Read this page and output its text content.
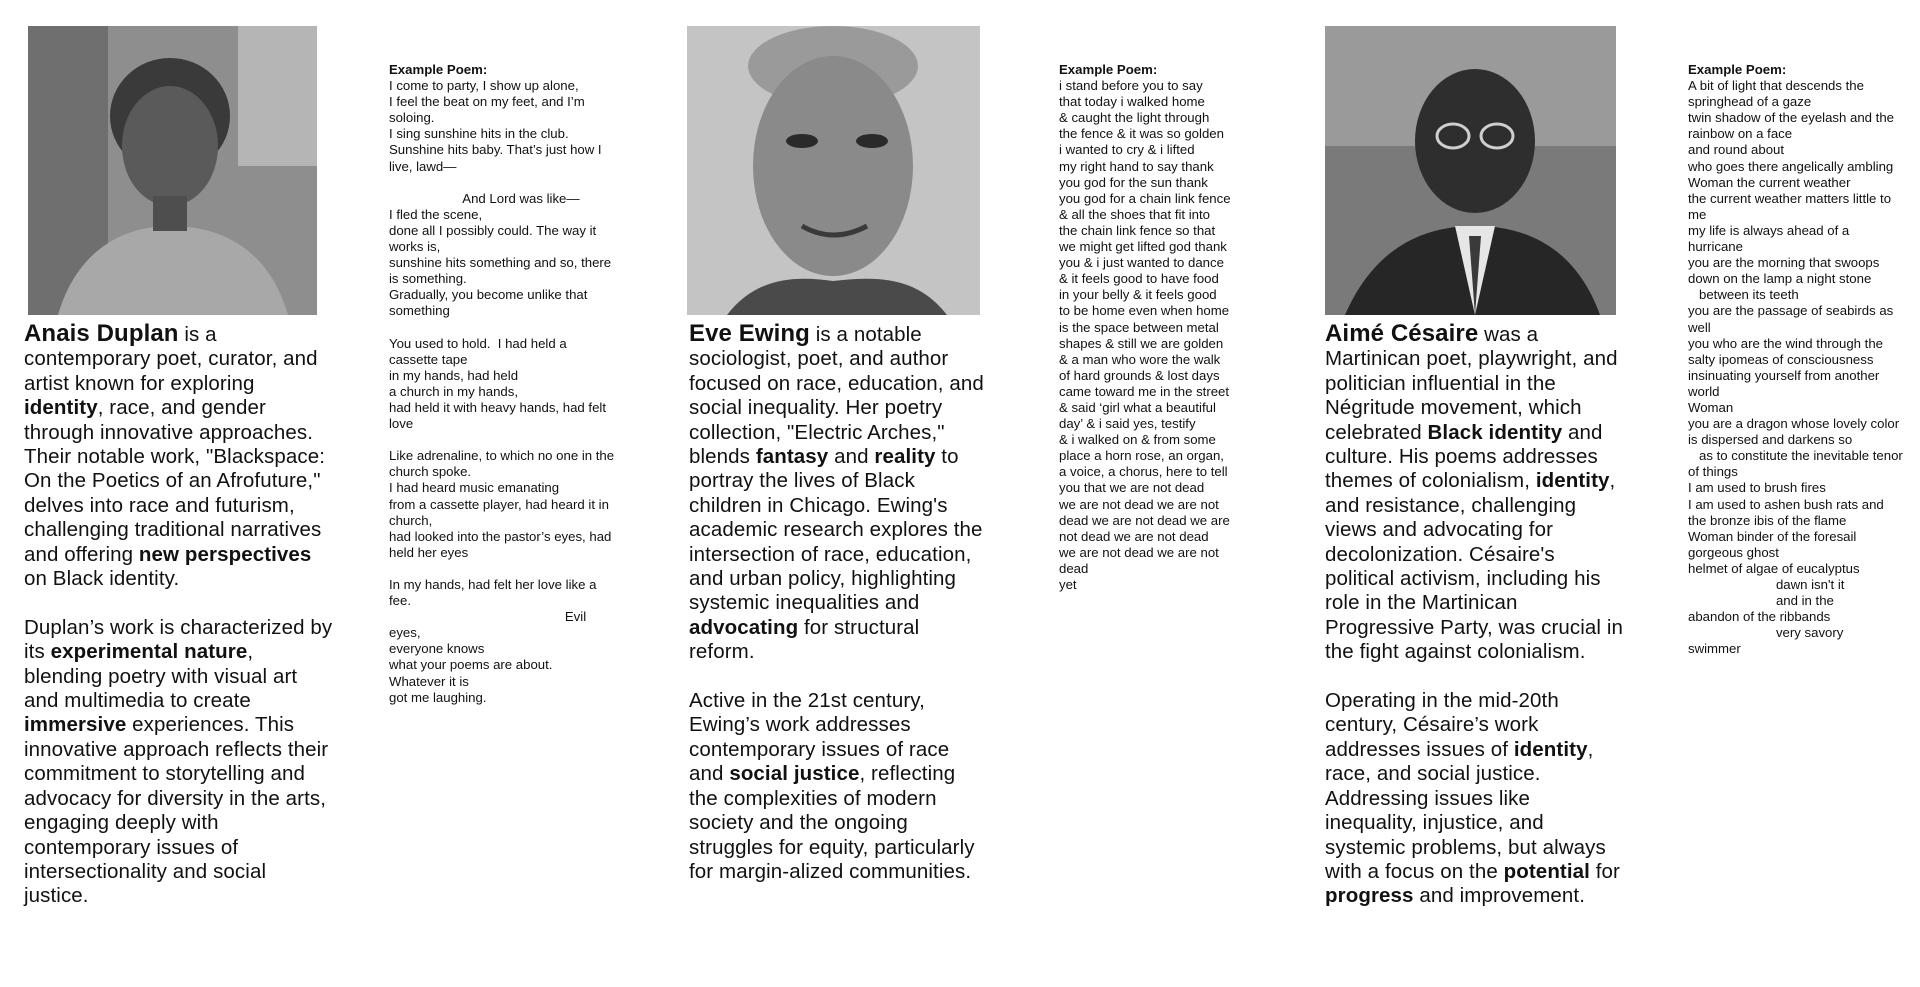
Anais Duplan is a contemporary poet, curator, and artist known for exploring identity, race, and gender through innovative approaches. Their notable work, "Blackspace: On the Poetics of an Afrofuture," delves into race and futurism, challenging traditional narratives and offering new perspectives on Black identity.

Duplan’s work is characterized by its experimental nature, blending poetry with visual art and multimedia to create immersive experiences. This innovative approach reflects their commitment to storytelling and advocacy for diversity in the arts, engaging deeply with contemporary issues of intersectionality and social justice.

Example Poem:
I come to party, I show up alone,
I feel the beat on my feet, and I’m soloing.
I sing sunshine hits in the club. Sunshine hits baby. That’s just how I live, lawd—
And Lord was like—
I fled the scene,
done all I possibly could. The way it works is,
sunshine hits something and so, there is something.
Gradually, you become unlike that something
You used to hold.  I had held a cassette tape
in my hands, had held
a church in my hands,
had held it with heavy hands, had felt love
Like adrenaline, to which no one in the church spoke.
I had heard music emanating
from a cassette player, had heard it in church,
had looked into the pastor’s eyes, had held her eyes
In my hands, had felt her love like a fee.
Evil eyes,
everyone knows
what your poems are about.
Whatever it is
got me laughing.

Eve Ewing is a notable sociologist, poet, and author focused on race, education, and social inequality. Her poetry collection, "Electric Arches," blends fantasy and reality to portray the lives of Black children in Chicago. Ewing's academic research explores the intersection of race, education, and urban policy, highlighting systemic inequalities and advocating for structural reform.

Active in the 21st century, Ewing’s work addresses contemporary issues of race and social justice, reflecting the complexities of modern society and the ongoing struggles for equity, particularly for margin-alized communities.

Example Poem:
i stand before you to say
that today i walked home
& caught the light through
the fence & it was so golden
i wanted to cry & i lifted
my right hand to say thank
you god for the sun thank
you god for a chain link fence
& all the shoes that fit into
the chain link fence so that
we might get lifted god thank
you & i just wanted to dance
& it feels good to have food
in your belly & it feels good
to be home even when home
is the space between metal
shapes & still we are golden
& a man who wore the walk
of hard grounds & lost days
came toward me in the street
& said ‘girl what a beautiful
day’ & i said yes, testify
& i walked on & from some
place a horn rose, an organ,
a voice, a chorus, here to tell
you that we are not dead
we are not dead we are not
dead we are not dead we are
not dead we are not dead
we are not dead we are not
dead
yet

Aimé Césaire was a Martinican poet, playwright, and politician influential in the Négritude movement, which celebrated Black identity and culture. His poems addresses themes of colonialism, identity, and resistance, challenging views and advocating for decolonization. Césaire's political activism, including his role in the Martinican Progressive Party, was crucial in the fight against colonialism.

Operating in the mid-20th century, Césaire’s work addresses issues of identity, race, and social justice. Addressing issues like inequality, injustice, and systemic problems, but always with a focus on the potential for progress and improvement.

Example Poem:
A bit of light that descends the springhead of a gaze
twin shadow of the eyelash and the rainbow on a face
and round about
who goes there angelically ambling
Woman the current weather
the current weather matters little to me
my life is always ahead of a hurricane
you are the morning that swoops down on the lamp a night stone
between its teeth
you are the passage of seabirds as well
you who are the wind through the salty ipomeas of consciousness
insinuating yourself from another world
Woman
you are a dragon whose lovely color is dispersed and darkens so
as to constitute the inevitable tenor of things
I am used to brush fires
I am used to ashen bush rats and the bronze ibis of the flame
Woman binder of the foresail
gorgeous ghost
helmet of algae of eucalyptus
dawn isn't it
and in the
abandon of the ribbands
very savory
swimmer
